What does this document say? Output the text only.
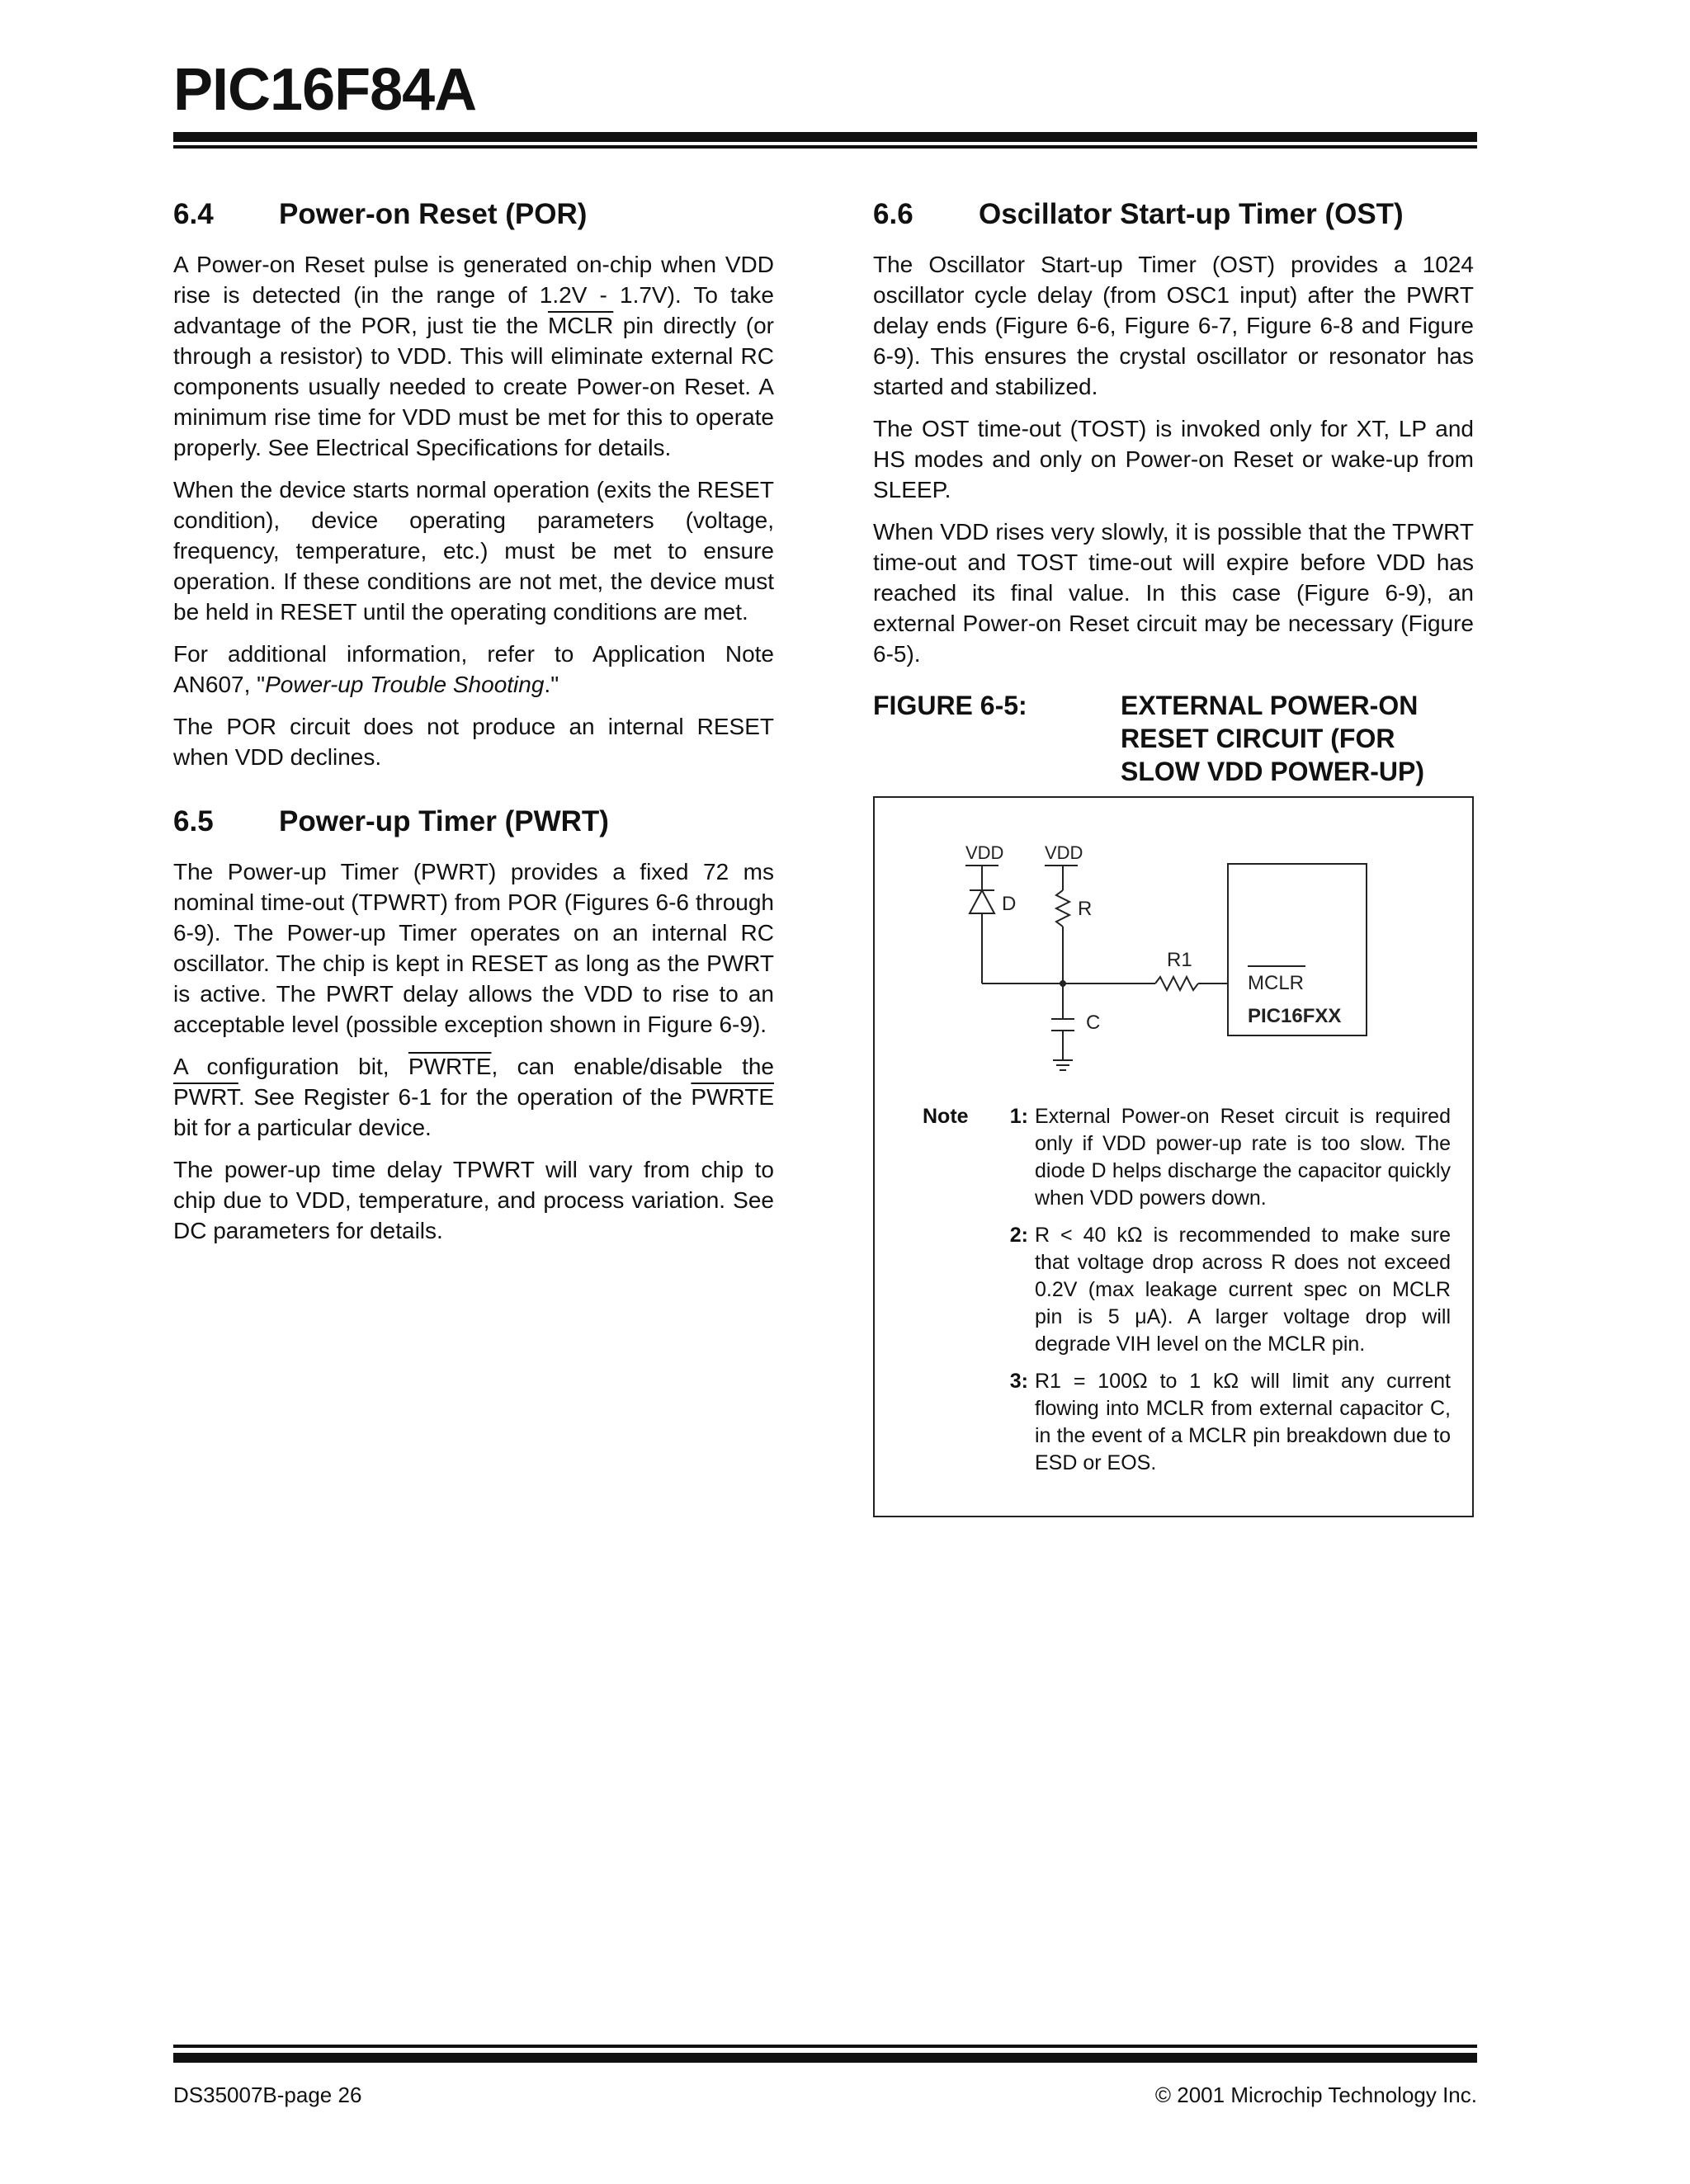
PIC16F84A
6.4	Power-on Reset (POR)

A Power-on Reset pulse is generated on-chip when VDD rise is detected (in the range of 1.2V - 1.7V). To take advantage of the POR, just tie the MCLR pin directly (or through a resistor) to VDD. This will eliminate external RC components usually needed to create Power-on Reset. A minimum rise time for VDD must be met for this to operate properly. See Electrical Specifications for details.

When the device starts normal operation (exits the RESET condition), device operating parameters (voltage, frequency, temperature, etc.) must be met to ensure operation. If these conditions are not met, the device must be held in RESET until the operating conditions are met.

For additional information, refer to Application Note AN607, "Power-up Trouble Shooting."

The POR circuit does not produce an internal RESET when VDD declines.

6.5	Power-up Timer (PWRT)

The Power-up Timer (PWRT) provides a fixed 72 ms nominal time-out (TPWRT) from POR (Figures 6-6 through 6-9). The Power-up Timer operates on an internal RC oscillator. The chip is kept in RESET as long as the PWRT is active. The PWRT delay allows the VDD to rise to an acceptable level (possible exception shown in Figure 6-9).

A configuration bit, PWRTE, can enable/disable the PWRT. See Register 6-1 for the operation of the PWRTE bit for a particular device.

The power-up time delay TPWRT will vary from chip to chip due to VDD, temperature, and process variation. See DC parameters for details.

6.6	Oscillator Start-up Timer (OST)

The Oscillator Start-up Timer (OST) provides a 1024 oscillator cycle delay (from OSC1 input) after the PWRT delay ends (Figure 6-6, Figure 6-7, Figure 6-8 and Figure 6-9). This ensures the crystal oscillator or resonator has started and stabilized.

The OST time-out (TOST) is invoked only for XT, LP and HS modes and only on Power-on Reset or wake-up from SLEEP.

When VDD rises very slowly, it is possible that the TPWRT time-out and TOST time-out will expire before VDD has reached its final value. In this case (Figure 6-9), an external Power-on Reset circuit may be necessary (Figure 6-5).

FIGURE 6-5:	EXTERNAL POWER-ON RESET CIRCUIT (FOR SLOW VDD POWER-UP)
VDD VDD
D	R
R1
C
MCLR
PIC16FXX
Note	1: External Power-on Reset circuit is required only if VDD power-up rate is too slow. The diode D helps discharge the capacitor quickly when VDD powers down.
2: R < 40 kΩ is recommended to make sure that voltage drop across R does not exceed 0.2V (max leakage current spec on MCLR pin is 5 μA). A larger voltage drop will degrade VIH level on the MCLR pin.
3: R1 = 100Ω to 1 kΩ will limit any current flowing into MCLR from external capacitor C, in the event of a MCLR pin breakdown due to ESD or EOS.
DS35007B-page 26	© 2001 Microchip Technology Inc.
